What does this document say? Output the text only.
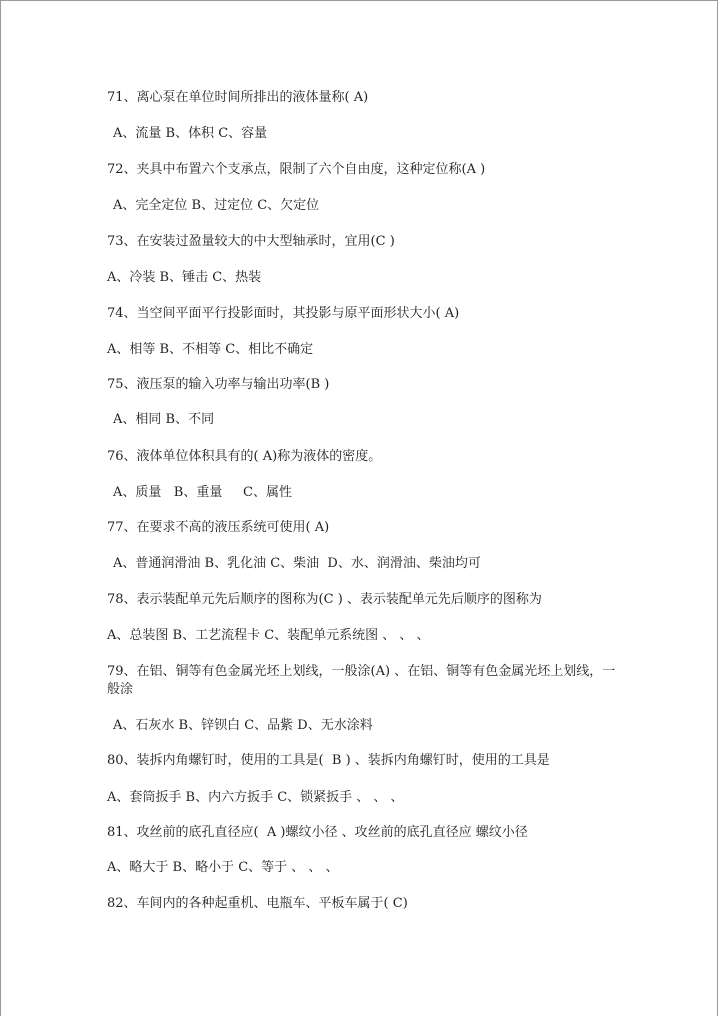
71、离心泵在单位时间所排出的液体量称( A)

A、流量 B、体积 C、容量

72、夹具中布置六个支承点，限制了六个自由度，这种定位称(A )

A、完全定位 B、过定位 C、欠定位

73、在安装过盈量较大的中大型轴承时，宜用(C )

A、冷装 B、锤击 C、热装

74、当空间平面平行投影面时，其投影与原平面形状大小( A)

A、相等 B、不相等 C、相比不确定

75、液压泵的输入功率与输出功率(B )

A、相同 B、不同

76、液体单位体积具有的( A)称为液体的密度。

A、质量   B、重量     C、属性

77、在要求不高的液压系统可使用( A)

A、普通润滑油 B、乳化油 C、柴油  D、水、润滑油、柴油均可

78、表示装配单元先后顺序的图称为(C ) 、表示装配单元先后顺序的图称为

A、总装图 B、工艺流程卡 C、装配单元系统图 、 、 、

79、在铝、铜等有色金属光坯上划线，一般涂(A) 、在铝、铜等有色金属光坯上划线，一般涂

A、石灰水 B、锌钡白 C、品紫 D、无水涂料

80、装拆内角螺钉时，使用的工具是(  B ) 、装拆内角螺钉时，使用的工具是

A、套筒扳手 B、内六方扳手 C、锁紧扳手 、 、 、

81、攻丝前的底孔直径应(  A )螺纹小径 、攻丝前的底孔直径应 螺纹小径

A、略大于 B、略小于 C、等于 、 、 、

82、车间内的各种起重机、电瓶车、平板车属于( C)
